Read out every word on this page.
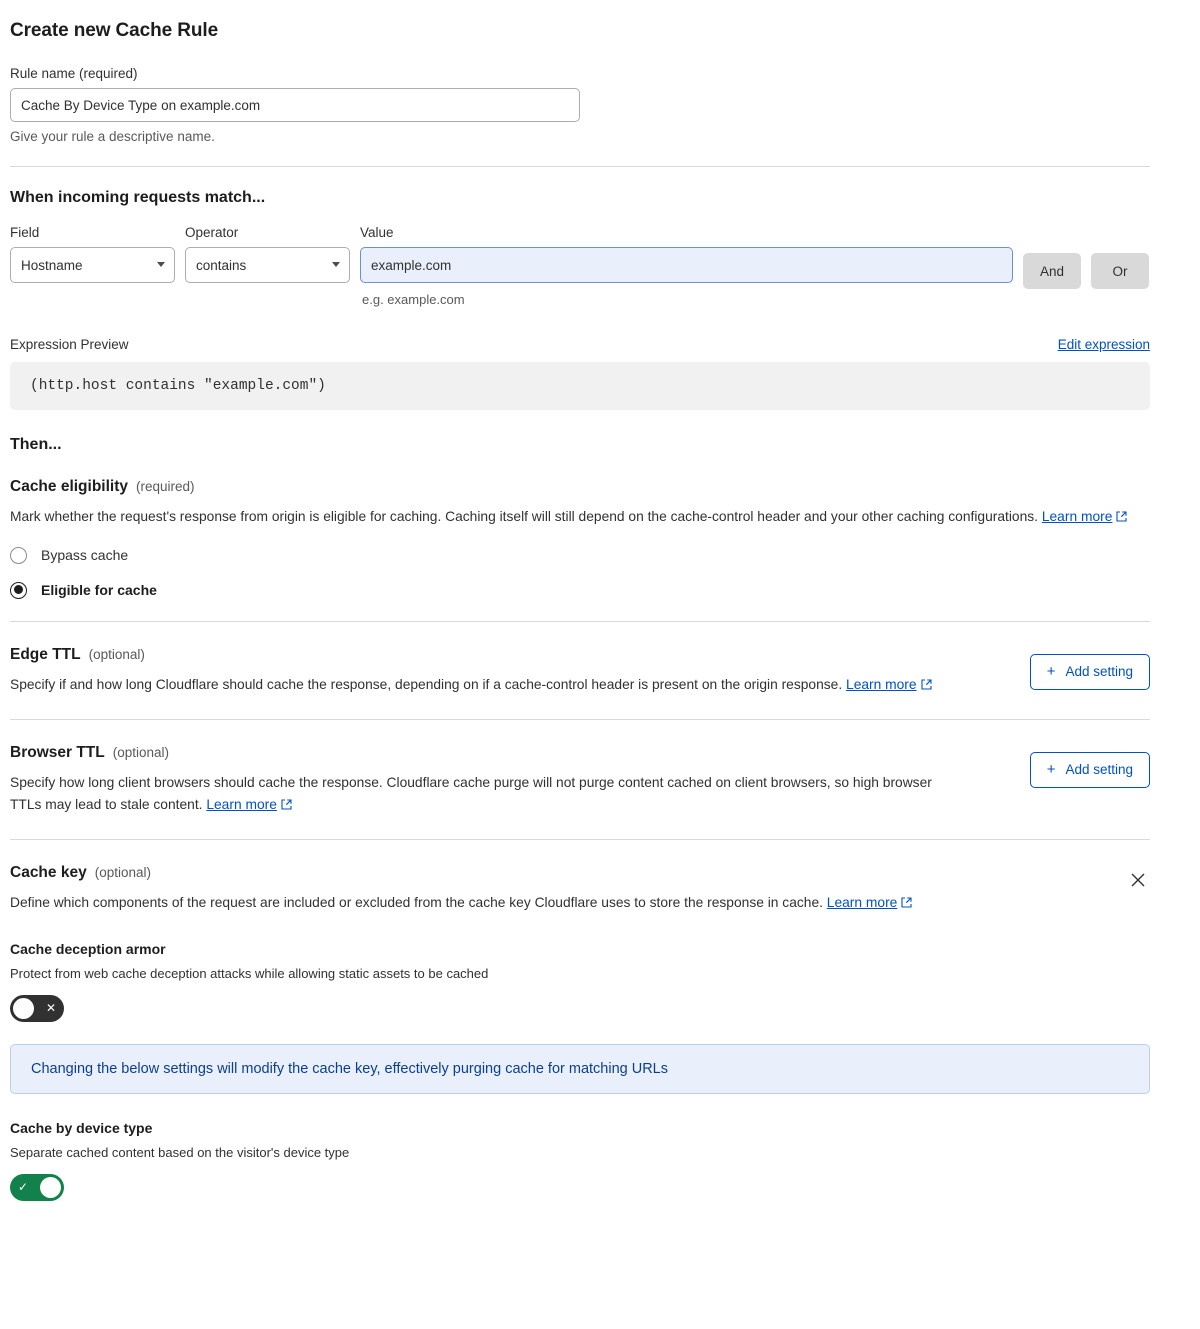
Create new Cache Rule
Rule name (required)
Cache By Device Type on example.com
Give your rule a descriptive name.
When incoming requests match...
Field
Hostname
Operator
contains
Value
example.com
e.g. example.com
And	Or
Expression Preview	Edit expression
(http.host contains "example.com")
Then...
Cache eligibility (required)
Mark whether the request's response from origin is eligible for caching. Caching itself will still depend on the cache-control header and your other caching configurations. Learn more
Bypass cache
Eligible for cache
+ Add setting
Edge TTL (optional)
Specify if and how long Cloudflare should cache the response, depending on if a cache-control header is present on the origin response. Learn more
+ Add setting
Browser TTL (optional)
Specify how long client browsers should cache the response. Cloudflare cache purge will not purge content cached on client browsers, so high browser TTLs may lead to stale content. Learn more
Cache key (optional)
Define which components of the request are included or excluded from the cache key Cloudflare uses to store the response in cache. Learn more
Cache deception armor
Protect from web cache deception attacks while allowing static assets to be cached
✕
Changing the below settings will modify the cache key, effectively purging cache for matching URLs
Cache by device type
Separate cached content based on the visitor's device type
✓
